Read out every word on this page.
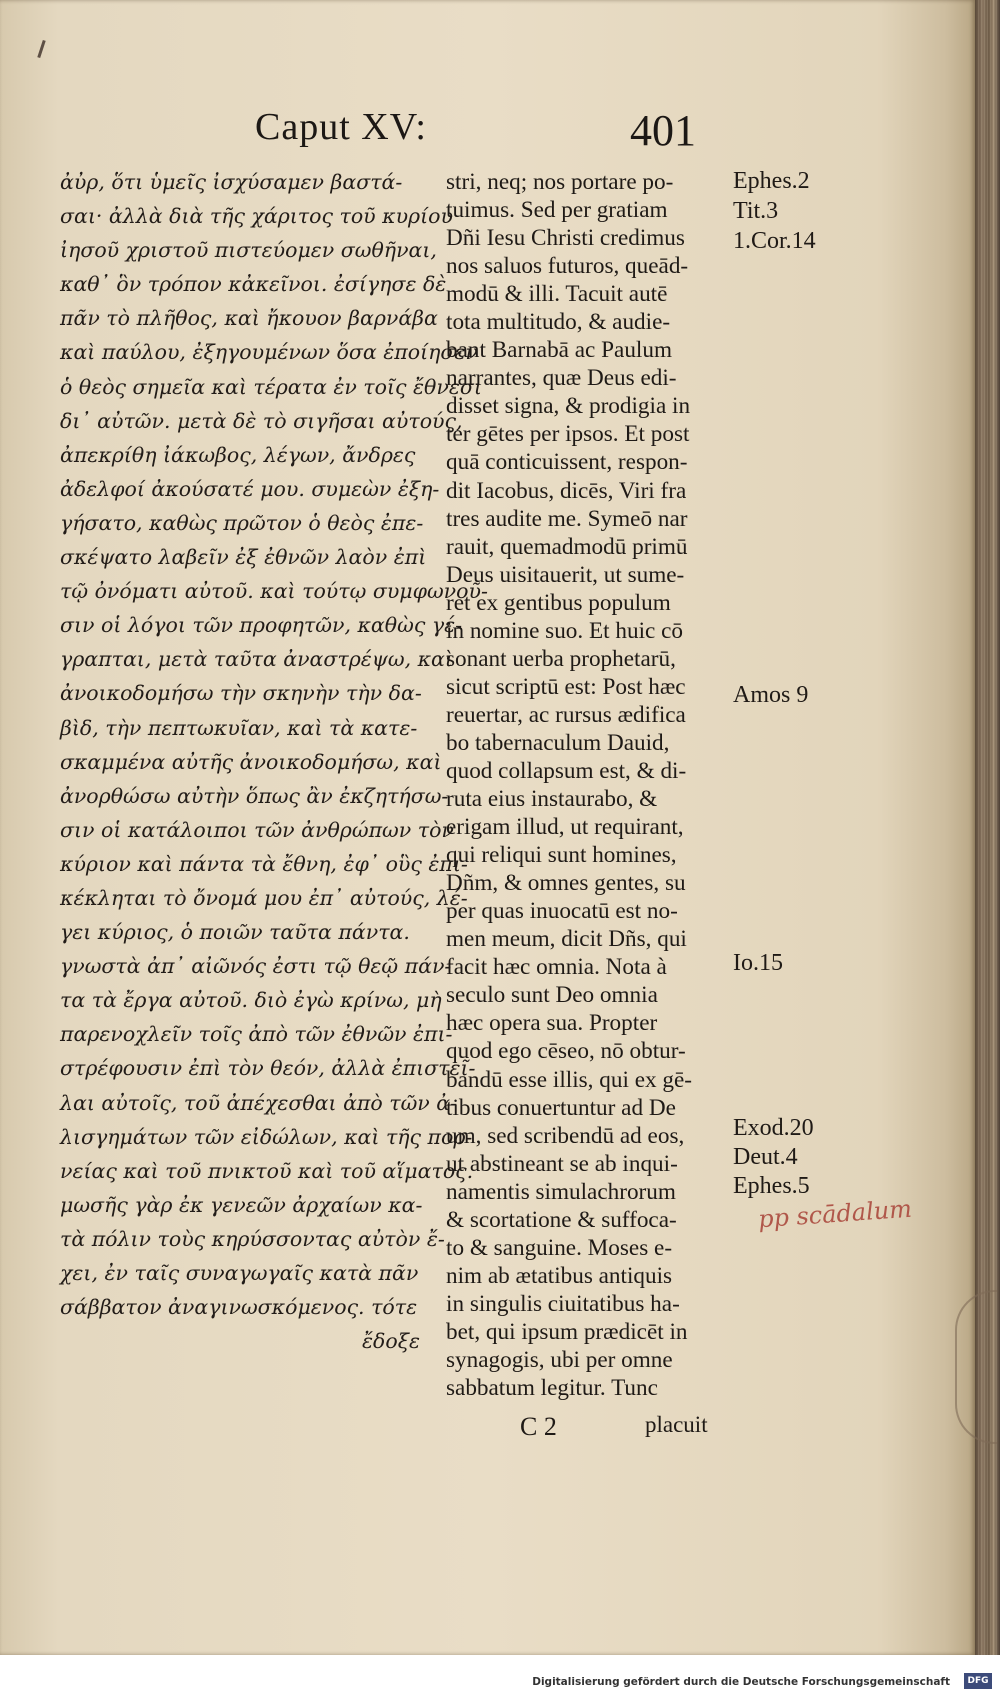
Caput XV:	401
ἀὐρ, ὅτι ὑμεῖς ἰσχύσαμεν βαστά-
σαι· ἀλλὰ διὰ τῆς χάριτος τοῦ κυρίου
ἰησοῦ χριστοῦ πιστεύομεν σωθῆναι,
καθ᾽ ὃν τρόπον κἀκεῖνοι. ἐσίγησε δὲ
πᾶν τὸ πλῆθος, καὶ ἤκουον βαρνάβα
καὶ παύλου, ἐξηγουμένων ὅσα ἐποίησεν
ὁ θεὸς σημεῖα καὶ τέρατα ἐν τοῖς ἔθνεσι
δι᾽ αὐτῶν. μετὰ δὲ τὸ σιγῆσαι αὐτούς,
ἀπεκρίθη ἰάκωβος, λέγων, ἄνδρες
ἀδελφοί ἀκούσατέ μου. συμεὼν ἐξη-
γήσατο, καθὼς πρῶτον ὁ θεὸς ἐπε-
σκέψατο λαβεῖν ἐξ ἐθνῶν λαὸν ἐπὶ
τῷ ὀνόματι αὐτοῦ. καὶ τούτῳ συμφωνοῦ-
σιν οἱ λόγοι τῶν προφητῶν, καθὼς γέ-
γραπται, μετὰ ταῦτα ἀναστρέψω, καὶ
ἀνοικοδομήσω τὴν σκηνὴν τὴν δα-
βὶδ, τὴν πεπτωκυῖαν, καὶ τὰ κατε-
σκαμμένα αὐτῆς ἀνοικοδομήσω, καὶ
ἀνορθώσω αὐτὴν ὅπως ἂν ἐκζητήσω-
σιν οἱ κατάλοιποι τῶν ἀνθρώπων τὸν
κύριον καὶ πάντα τὰ ἔθνη, ἐφ᾽ οὓς ἐπι-
κέκληται τὸ ὄνομά μου ἐπ᾽ αὐτούς, λέ-
γει κύριος, ὁ ποιῶν ταῦτα πάντα.
γνωστὰ ἀπ᾽ αἰῶνός ἐστι τῷ θεῷ πάν-
τα τὰ ἔργα αὐτοῦ. διὸ ἐγὼ κρίνω, μὴ
παρενοχλεῖν τοῖς ἀπὸ τῶν ἐθνῶν ἐπι-
στρέφουσιν ἐπὶ τὸν θεόν, ἀλλὰ ἐπιστεῖ-
λαι αὐτοῖς, τοῦ ἀπέχεσθαι ἀπὸ τῶν ἀ-
λισγημάτων τῶν εἰδώλων, καὶ τῆς πορ-
νείας καὶ τοῦ πνικτοῦ καὶ τοῦ αἵματος.
μωσῆς γὰρ ἐκ γενεῶν ἀρχαίων κα-
τὰ πόλιν τοὺς κηρύσσοντας αὐτὸν ἔ-
χει, ἐν ταῖς συναγωγαῖς κατὰ πᾶν
σάββατον ἀναγινωσκόμενος. τότε
ἔδοξε
stri, neq; nos portare po-
tuimus. Sed per gratiam
Dñi Iesu Christi credimus
nos saluos futuros, queād-
modū & illi. Tacuit autē
tota multitudo, & audie-
bant Barnabā ac Paulum
narrantes, quæ Deus edi-
disset signa, & prodigia in
ter gētes per ipsos. Et post
quā conticuissent, respon-
dit Iacobus, dicēs, Viri fra
tres audite me. Symeō nar
rauit, quemadmodū primū
Deus uisitauerit, ut sume-
ret ex gentibus populum
in nomine suo. Et huic cō
sonant uerba prophetarū,
sicut scriptū est: Post hæc
reuertar, ac rursus ædifica
bo tabernaculum Dauid,
quod collapsum est, & di-
ruta eius instaurabo, &
erigam illud, ut requirant,
qui reliqui sunt homines,
Dñm, & omnes gentes, su
per quas inuocatū est no-
men meum, dicit Dñs, qui
facit hæc omnia. Nota à
seculo sunt Deo omnia
hæc opera sua. Propter
quod ego cēseo, nō obtur-
bandū esse illis, qui ex gē-
tibus conuertuntur ad De
um, sed scribendū ad eos,
ut abstineant se ab inqui-
namentis simulachrorum
& scortatione & suffoca-
to & sanguine. Moses e-
nim ab ætatibus antiquis
in singulis ciuitatibus ha-
bet, qui ipsum prædicēt in
synagogis, ubi per omne
sabbatum legitur. Tunc
Ephes.2
Tit.3
1.Cor.14
Amos 9
Io.15
Exod.20
Deut.4
Ephes.5
pp scādalum
C 2	placuit
Digitalisierung gefördert durch die Deutsche Forschungsgemeinschaft	DFG
